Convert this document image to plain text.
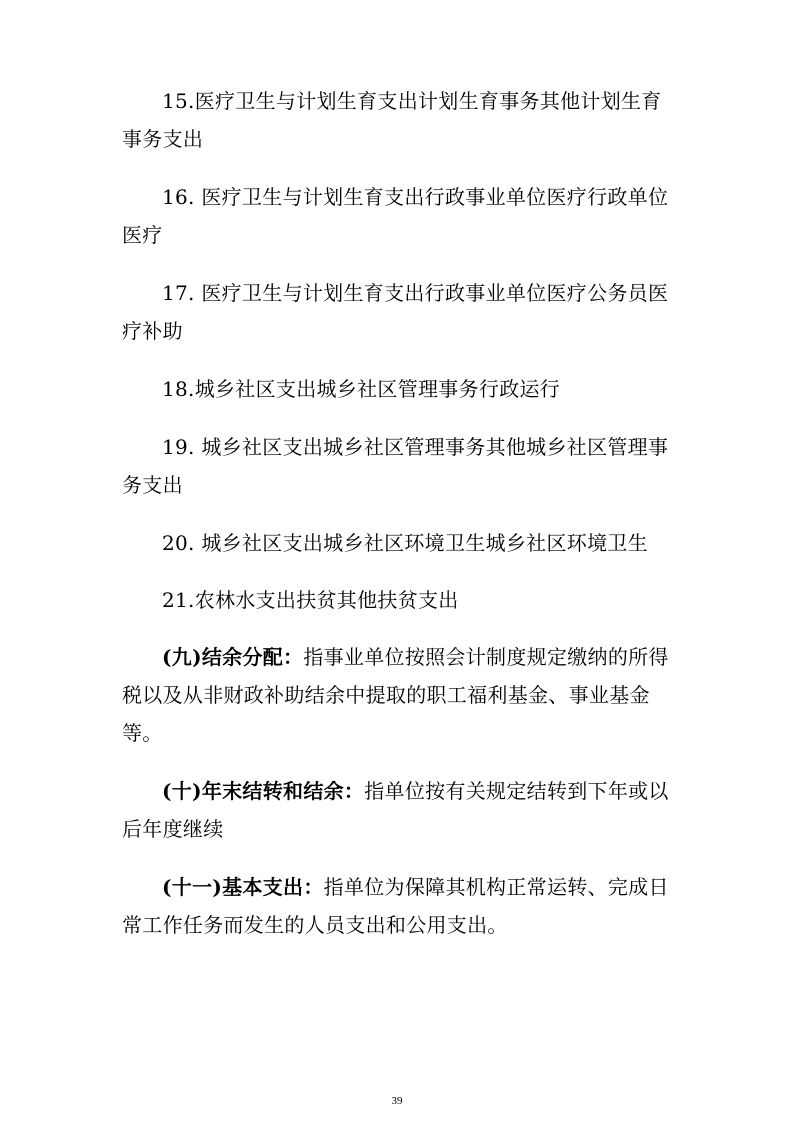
15.医疗卫生与计划生育支出计划生育事务其他计划生育事务支出

16. 医疗卫生与计划生育支出行政事业单位医疗行政单位医疗

17. 医疗卫生与计划生育支出行政事业单位医疗公务员医疗补助

18.城乡社区支出城乡社区管理事务行政运行

19. 城乡社区支出城乡社区管理事务其他城乡社区管理事务支出

20. 城乡社区支出城乡社区环境卫生城乡社区环境卫生

21.农林水支出扶贫其他扶贫支出

(九)结余分配：指事业单位按照会计制度规定缴纳的所得税以及从非财政补助结余中提取的职工福利基金、事业基金等。

(十)年末结转和结余：指单位按有关规定结转到下年或以后年度继续

(十一)基本支出：指单位为保障其机构正常运转、完成日常工作任务而发生的人员支出和公用支出。

39
